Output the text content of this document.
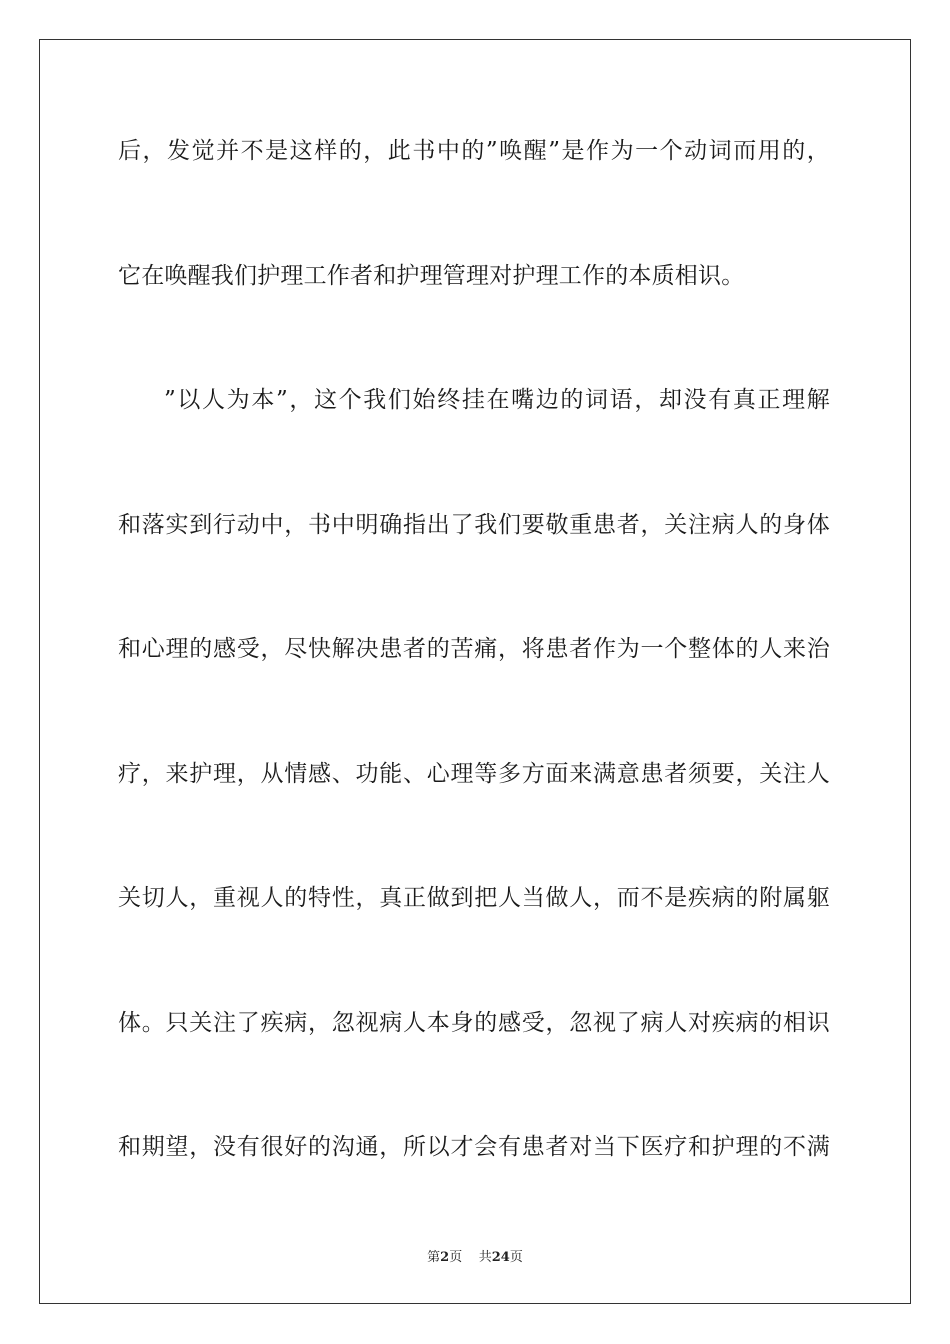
后，发觉并不是这样的，此书中的”唤醒”是作为一个动词而用的，
它在唤醒我们护理工作者和护理管理对护理工作的本质相识。
”以人为本”，这个我们始终挂在嘴边的词语，却没有真正理解
和落实到行动中，书中明确指出了我们要敬重患者，关注病人的身体
和心理的感受，尽快解决患者的苦痛，将患者作为一个整体的人来治
疗，来护理，从情感、功能、心理等多方面来满意患者须要，关注人
关切人，重视人的特性，真正做到把人当做人，而不是疾病的附属躯
体。只关注了疾病，忽视病人本身的感受，忽视了病人对疾病的相识
和期望，没有很好的沟通，所以才会有患者对当下医疗和护理的不满
第2页 共24页
